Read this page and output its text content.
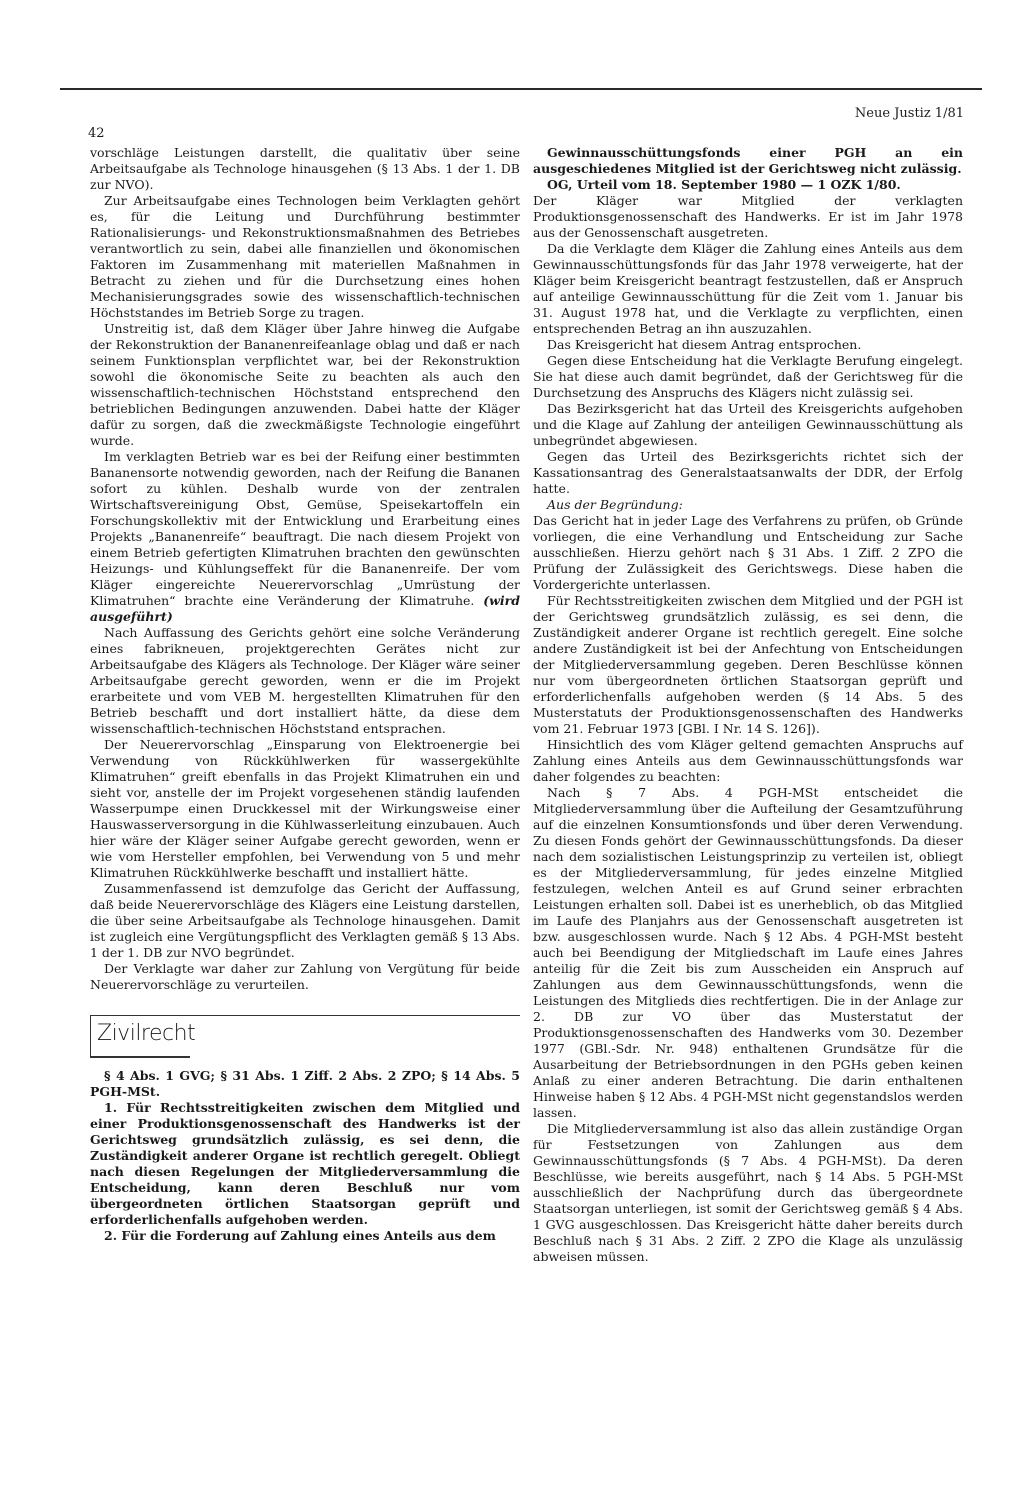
42
Neue Justiz 1/81

vorschläge Leistungen darstellt, die qualitativ über seine Arbeitsaufgabe als Technologe hinausgehen (§ 13 Abs. 1 der 1. DB zur NVO).

Zur Arbeitsaufgabe eines Technologen beim Verklagten gehört es, für die Leitung und Durchführung bestimmter Rationalisierungs- und Rekonstruktionsmaßnahmen des Betriebes verantwortlich zu sein, dabei alle finanziellen und ökonomischen Faktoren im Zusammenhang mit materiellen Maßnahmen in Betracht zu ziehen und für die Durchsetzung eines hohen Mechanisierungsgrades sowie des wissenschaftlich-technischen Höchststandes im Betrieb Sorge zu tragen.

Unstreitig ist, daß dem Kläger über Jahre hinweg die Aufgabe der Rekonstruktion der Bananenreifeanlage oblag und daß er nach seinem Funktionsplan verpflichtet war, bei der Rekonstruktion sowohl die ökonomische Seite zu beachten als auch den wissenschaftlich-technischen Höchststand entsprechend den betrieblichen Bedingungen anzuwenden. Dabei hatte der Kläger dafür zu sorgen, daß die zweckmäßigste Technologie eingeführt wurde.

Im verklagten Betrieb war es bei der Reifung einer bestimmten Bananensorte notwendig geworden, nach der Reifung die Bananen sofort zu kühlen. Deshalb wurde von der zentralen Wirtschaftsvereinigung Obst, Gemüse, Speisekartoffeln ein Forschungskollektiv mit der Entwicklung und Erarbeitung eines Projekts „Bananenreife“ beauftragt. Die nach diesem Projekt von einem Betrieb gefertigten Klimatruhen brachten den gewünschten Heizungs- und Kühlungseffekt für die Bananenreife. Der vom Kläger eingereichte Neuerervorschlag „Umrüstung der Klimatruhen“ brachte eine Veränderung der Klimatruhe. (wird ausgeführt)

Nach Auffassung des Gerichts gehört eine solche Veränderung eines fabrikneuen, projektgerechten Gerätes nicht zur Arbeitsaufgabe des Klägers als Technologe. Der Kläger wäre seiner Arbeitsaufgabe gerecht geworden, wenn er die im Projekt erarbeitete und vom VEB M. hergestellten Klimatruhen für den Betrieb beschafft und dort installiert hätte, da diese dem wissenschaftlich-technischen Höchststand entsprachen.

Der Neuerervorschlag „Einsparung von Elektroenergie bei Verwendung von Rückkühlwerken für wassergekühlte Klimatruhen“ greift ebenfalls in das Projekt Klimatruhen ein und sieht vor, anstelle der im Projekt vorgesehenen ständig laufenden Wasserpumpe einen Druckkessel mit der Wirkungsweise einer Hauswasserversorgung in die Kühlwasserleitung einzubauen. Auch hier wäre der Kläger seiner Aufgabe gerecht geworden, wenn er wie vom Hersteller empfohlen, bei Verwendung von 5 und mehr Klimatruhen Rückkühlwerke beschafft und installiert hätte.

Zusammenfassend ist demzufolge das Gericht der Auffassung, daß beide Neuerervorschläge des Klägers eine Leistung darstellen, die über seine Arbeitsaufgabe als Technologe hinausgehen. Damit ist zugleich eine Vergütungspflicht des Verklagten gemäß § 13 Abs. 1 der 1. DB zur NVO begründet.

Der Verklagte war daher zur Zahlung von Vergütung für beide Neuerervorschläge zu verurteilen.

Zivilrecht

§ 4 Abs. 1 GVG; § 31 Abs. 1 Ziff. 2 Abs. 2 ZPO; § 14 Abs. 5 PGH-MSt.

1. Für Rechtsstreitigkeiten zwischen dem Mitglied und einer Produktionsgenossenschaft des Handwerks ist der Gerichtsweg grundsätzlich zulässig, es sei denn, die Zuständigkeit anderer Organe ist rechtlich geregelt. Obliegt nach diesen Regelungen der Mitgliederversammlung die Entscheidung, kann deren Beschluß nur vom übergeordneten örtlichen Staatsorgan geprüft und erforderlichenfalls aufgehoben werden.

2. Für die Forderung auf Zahlung eines Anteils aus dem

Gewinnausschüttungsfonds einer PGH an ein ausgeschiedenes Mitglied ist der Gerichtsweg nicht zulässig.

OG, Urteil vom 18. September 1980 — 1 OZK 1/80.

Der Kläger war Mitglied der verklagten Produktionsgenossenschaft des Handwerks. Er ist im Jahr 1978 aus der Genossenschaft ausgetreten.

Da die Verklagte dem Kläger die Zahlung eines Anteils aus dem Gewinnausschüttungsfonds für das Jahr 1978 verweigerte, hat der Kläger beim Kreisgericht beantragt festzustellen, daß er Anspruch auf anteilige Gewinnausschüttung für die Zeit vom 1. Januar bis 31. August 1978 hat, und die Verklagte zu verpflichten, einen entsprechenden Betrag an ihn auszuzahlen.

Das Kreisgericht hat diesem Antrag entsprochen.

Gegen diese Entscheidung hat die Verklagte Berufung eingelegt. Sie hat diese auch damit begründet, daß der Gerichtsweg für die Durchsetzung des Anspruchs des Klägers nicht zulässig sei.

Das Bezirksgericht hat das Urteil des Kreisgerichts aufgehoben und die Klage auf Zahlung der anteiligen Gewinnausschüttung als unbegründet abgewiesen.

Gegen das Urteil des Bezirksgerichts richtet sich der Kassationsantrag des Generalstaatsanwalts der DDR, der Erfolg hatte.

Aus der Begründung:

Das Gericht hat in jeder Lage des Verfahrens zu prüfen, ob Gründe vorliegen, die eine Verhandlung und Entscheidung zur Sache ausschließen. Hierzu gehört nach § 31 Abs. 1 Ziff. 2 ZPO die Prüfung der Zulässigkeit des Gerichtswegs. Diese haben die Vordergerichte unterlassen.

Für Rechtsstreitigkeiten zwischen dem Mitglied und der PGH ist der Gerichtsweg grundsätzlich zulässig, es sei denn, die Zuständigkeit anderer Organe ist rechtlich geregelt. Eine solche andere Zuständigkeit ist bei der Anfechtung von Entscheidungen der Mitgliederversammlung gegeben. Deren Beschlüsse können nur vom übergeordneten örtlichen Staatsorgan geprüft und erforderlichenfalls aufgehoben werden (§ 14 Abs. 5 des Musterstatuts der Produktionsgenossenschaften des Handwerks vom 21. Februar 1973 [GBl. I Nr. 14 S. 126]).

Hinsichtlich des vom Kläger geltend gemachten Anspruchs auf Zahlung eines Anteils aus dem Gewinnausschüttungsfonds war daher folgendes zu beachten:

Nach § 7 Abs. 4 PGH-MSt entscheidet die Mitgliederversammlung über die Aufteilung der Gesamtzuführung auf die einzelnen Konsumtionsfonds und über deren Verwendung. Zu diesen Fonds gehört der Gewinnausschüttungsfonds. Da dieser nach dem sozialistischen Leistungsprinzip zu verteilen ist, obliegt es der Mitgliederversammlung, für jedes einzelne Mitglied festzulegen, welchen Anteil es auf Grund seiner erbrachten Leistungen erhalten soll. Dabei ist es unerheblich, ob das Mitglied im Laufe des Planjahrs aus der Genossenschaft ausgetreten ist bzw. ausgeschlossen wurde. Nach § 12 Abs. 4 PGH-MSt besteht auch bei Beendigung der Mitgliedschaft im Laufe eines Jahres anteilig für die Zeit bis zum Ausscheiden ein Anspruch auf Zahlungen aus dem Gewinnausschüttungsfonds, wenn die Leistungen des Mitglieds dies rechtfertigen. Die in der Anlage zur 2. DB zur VO über das Musterstatut der Produktionsgenossenschaften des Handwerks vom 30. Dezember 1977 (GBl.-Sdr. Nr. 948) enthaltenen Grundsätze für die Ausarbeitung der Betriebsordnungen in den PGHs geben keinen Anlaß zu einer anderen Betrachtung. Die darin enthaltenen Hinweise haben § 12 Abs. 4 PGH-MSt nicht gegenstandslos werden lassen.

Die Mitgliederversammlung ist also das allein zuständige Organ für Festsetzungen von Zahlungen aus dem Gewinnausschüttungsfonds (§ 7 Abs. 4 PGH-MSt). Da deren Beschlüsse, wie bereits ausgeführt, nach § 14 Abs. 5 PGH-MSt ausschließlich der Nachprüfung durch das übergeordnete Staatsorgan unterliegen, ist somit der Gerichtsweg gemäß § 4 Abs. 1 GVG ausgeschlossen. Das Kreisgericht hätte daher bereits durch Beschluß nach § 31 Abs. 2 Ziff. 2 ZPO die Klage als unzulässig abweisen müssen.
